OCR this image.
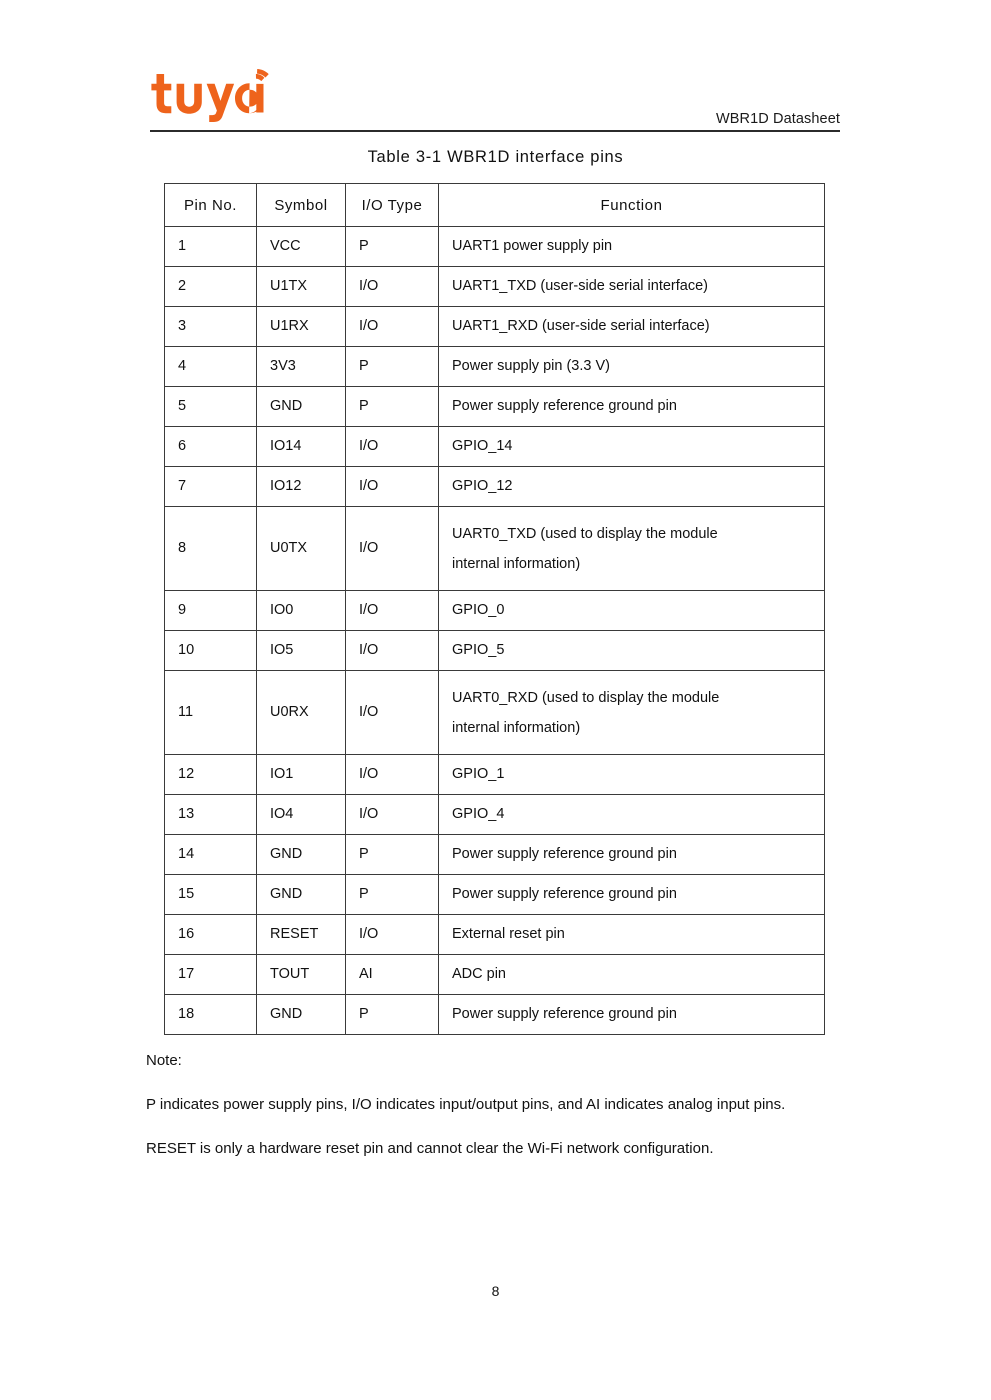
WBR1D Datasheet
Table 3-1 WBR1D interface pins
Pin No.	Symbol	I/O Type	Function
1	VCC	P	UART1 power supply pin

2	U1TX	I/O	UART1_TXD (user-side serial interface)

3	U1RX	I/O	UART1_RXD (user-side serial interface)

4	3V3	P	Power supply pin (3.3 V)

5	GND	P	Power supply reference ground pin

6	IO14	I/O	GPIO_14

7	IO12	I/O	GPIO_12

8	U0TX	I/O	UART0_TXD (used to display the module
internal information)

9	IO0	I/O	GPIO_0

10	IO5	I/O	GPIO_5

11	U0RX	I/O	UART0_RXD (used to display the module
internal information)

12	IO1	I/O	GPIO_1

13	IO4	I/O	GPIO_4

14	GND	P	Power supply reference ground pin

15	GND	P	Power supply reference ground pin

16	RESET	I/O	External reset pin

17	TOUT	AI	ADC pin

18	GND	P	Power supply reference ground pin

Note:

P indicates power supply pins, I/O indicates input/output pins, and AI indicates analog input pins.

RESET is only a hardware reset pin and cannot clear the Wi-Fi network configuration.

8
